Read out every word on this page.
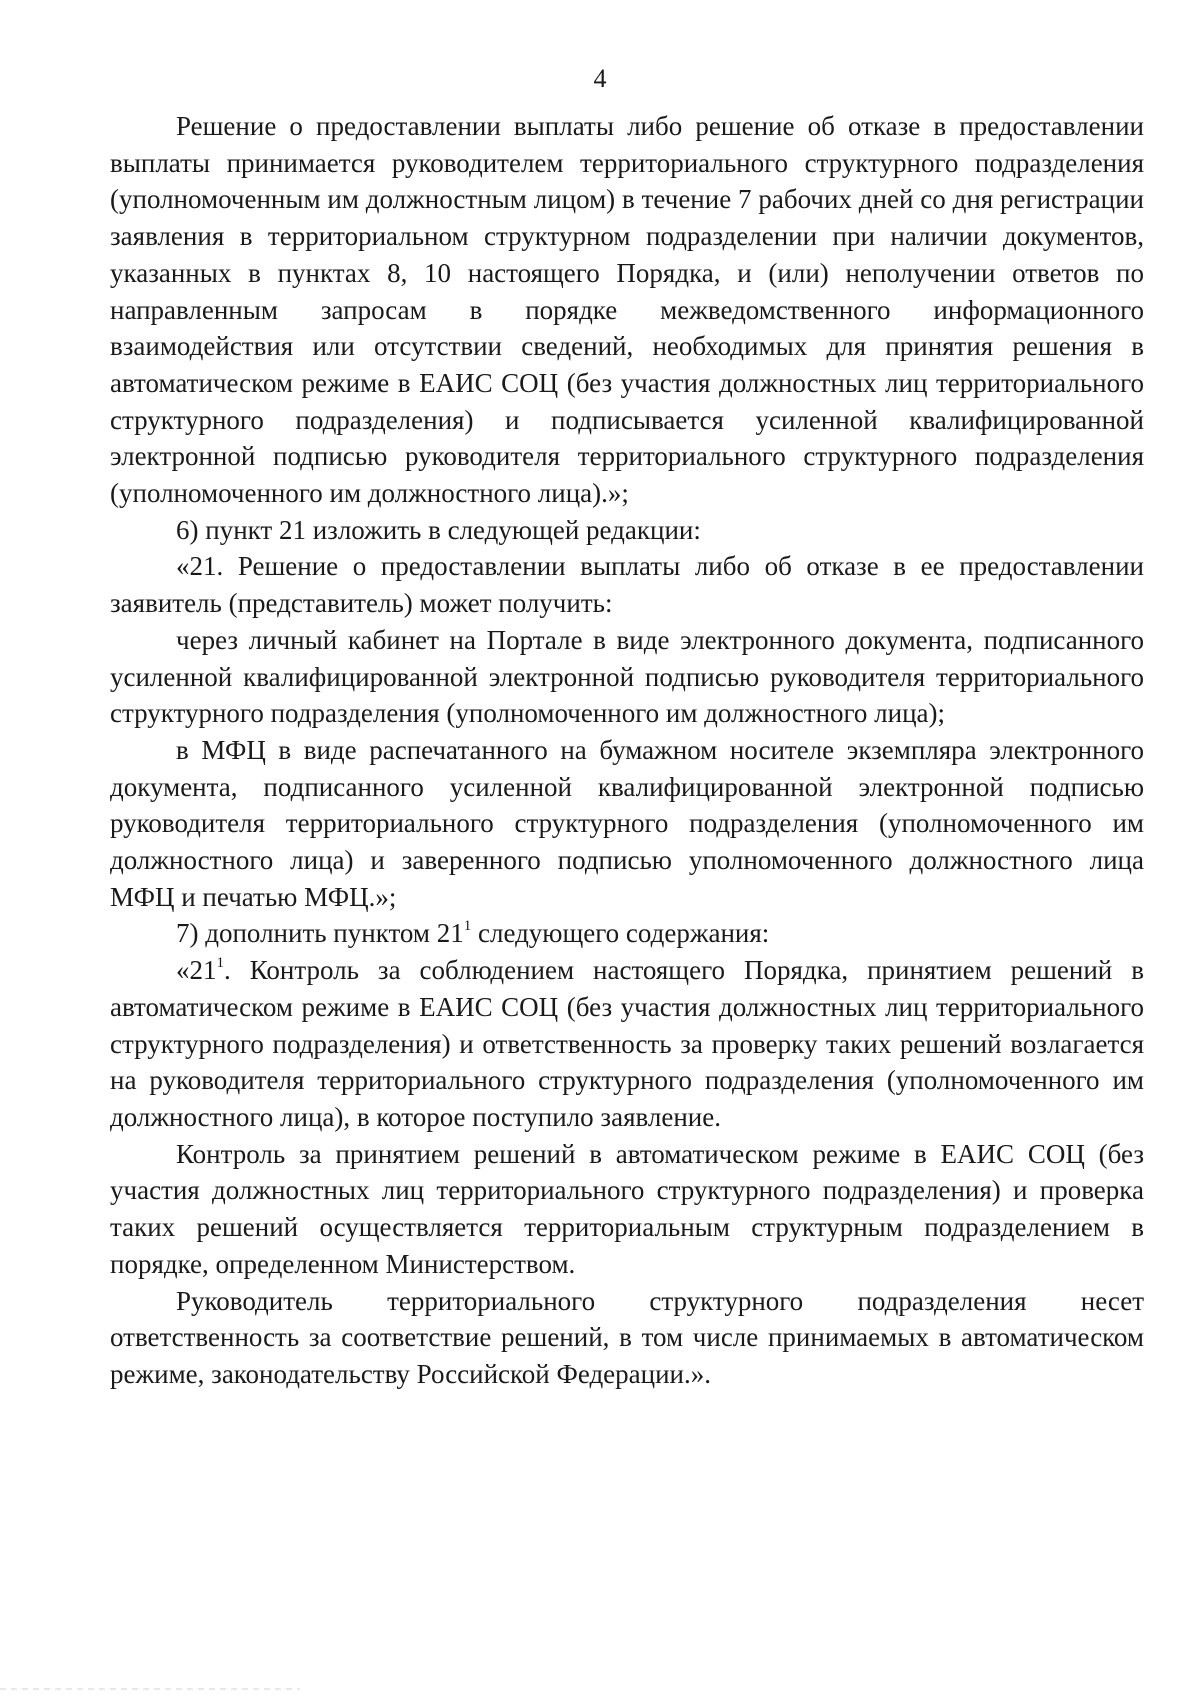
4

Решение о предоставлении выплаты либо решение об отказе в предоставлении выплаты принимается руководителем территориального структурного подразделения (уполномоченным им должностным лицом) в течение 7 рабочих дней со дня регистрации заявления в территориальном структурном подразделении при наличии документов, указанных в пунктах 8, 10 настоящего Порядка, и (или) неполучении ответов по направленным запросам в порядке межведомственного информационного взаимодействия или отсутствии сведений, необходимых для принятия решения в автоматическом режиме в ЕАИС СОЦ (без участия должностных лиц территориального структурного подразделения) и подписывается усиленной квалифицированной электронной подписью руководителя территориального структурного подразделения (уполномоченного им должностного лица).»;

6) пункт 21 изложить в следующей редакции:

«21. Решение о предоставлении выплаты либо об отказе в ее предоставлении заявитель (представитель) может получить:

через личный кабинет на Портале в виде электронного документа, подписанного усиленной квалифицированной электронной подписью руководителя территориального структурного подразделения (уполномоченного им должностного лица);

в МФЦ в виде распечатанного на бумажном носителе экземпляра электронного документа, подписанного усиленной квалифицированной электронной подписью руководителя территориального структурного подразделения (уполномоченного им должностного лица) и заверенного подписью уполномоченного должностного лица МФЦ и печатью МФЦ.»;

7) дополнить пунктом $21^1$ следующего содержания:

«$21^1$. Контроль за соблюдением настоящего Порядка, принятием решений в автоматическом режиме в ЕАИС СОЦ (без участия должностных лиц территориального структурного подразделения) и ответственность за проверку таких решений возлагается на руководителя территориального структурного подразделения (уполномоченного им должностного лица), в которое поступило заявление.

Контроль за принятием решений в автоматическом режиме в ЕАИС СОЦ (без участия должностных лиц территориального структурного подразделения) и проверка таких решений осуществляется территориальным структурным подразделением в порядке, определенном Министерством.

Руководитель территориального структурного подразделения несет ответственность за соответствие решений, в том числе принимаемых в автоматическом режиме, законодательству Российской Федерации.».
